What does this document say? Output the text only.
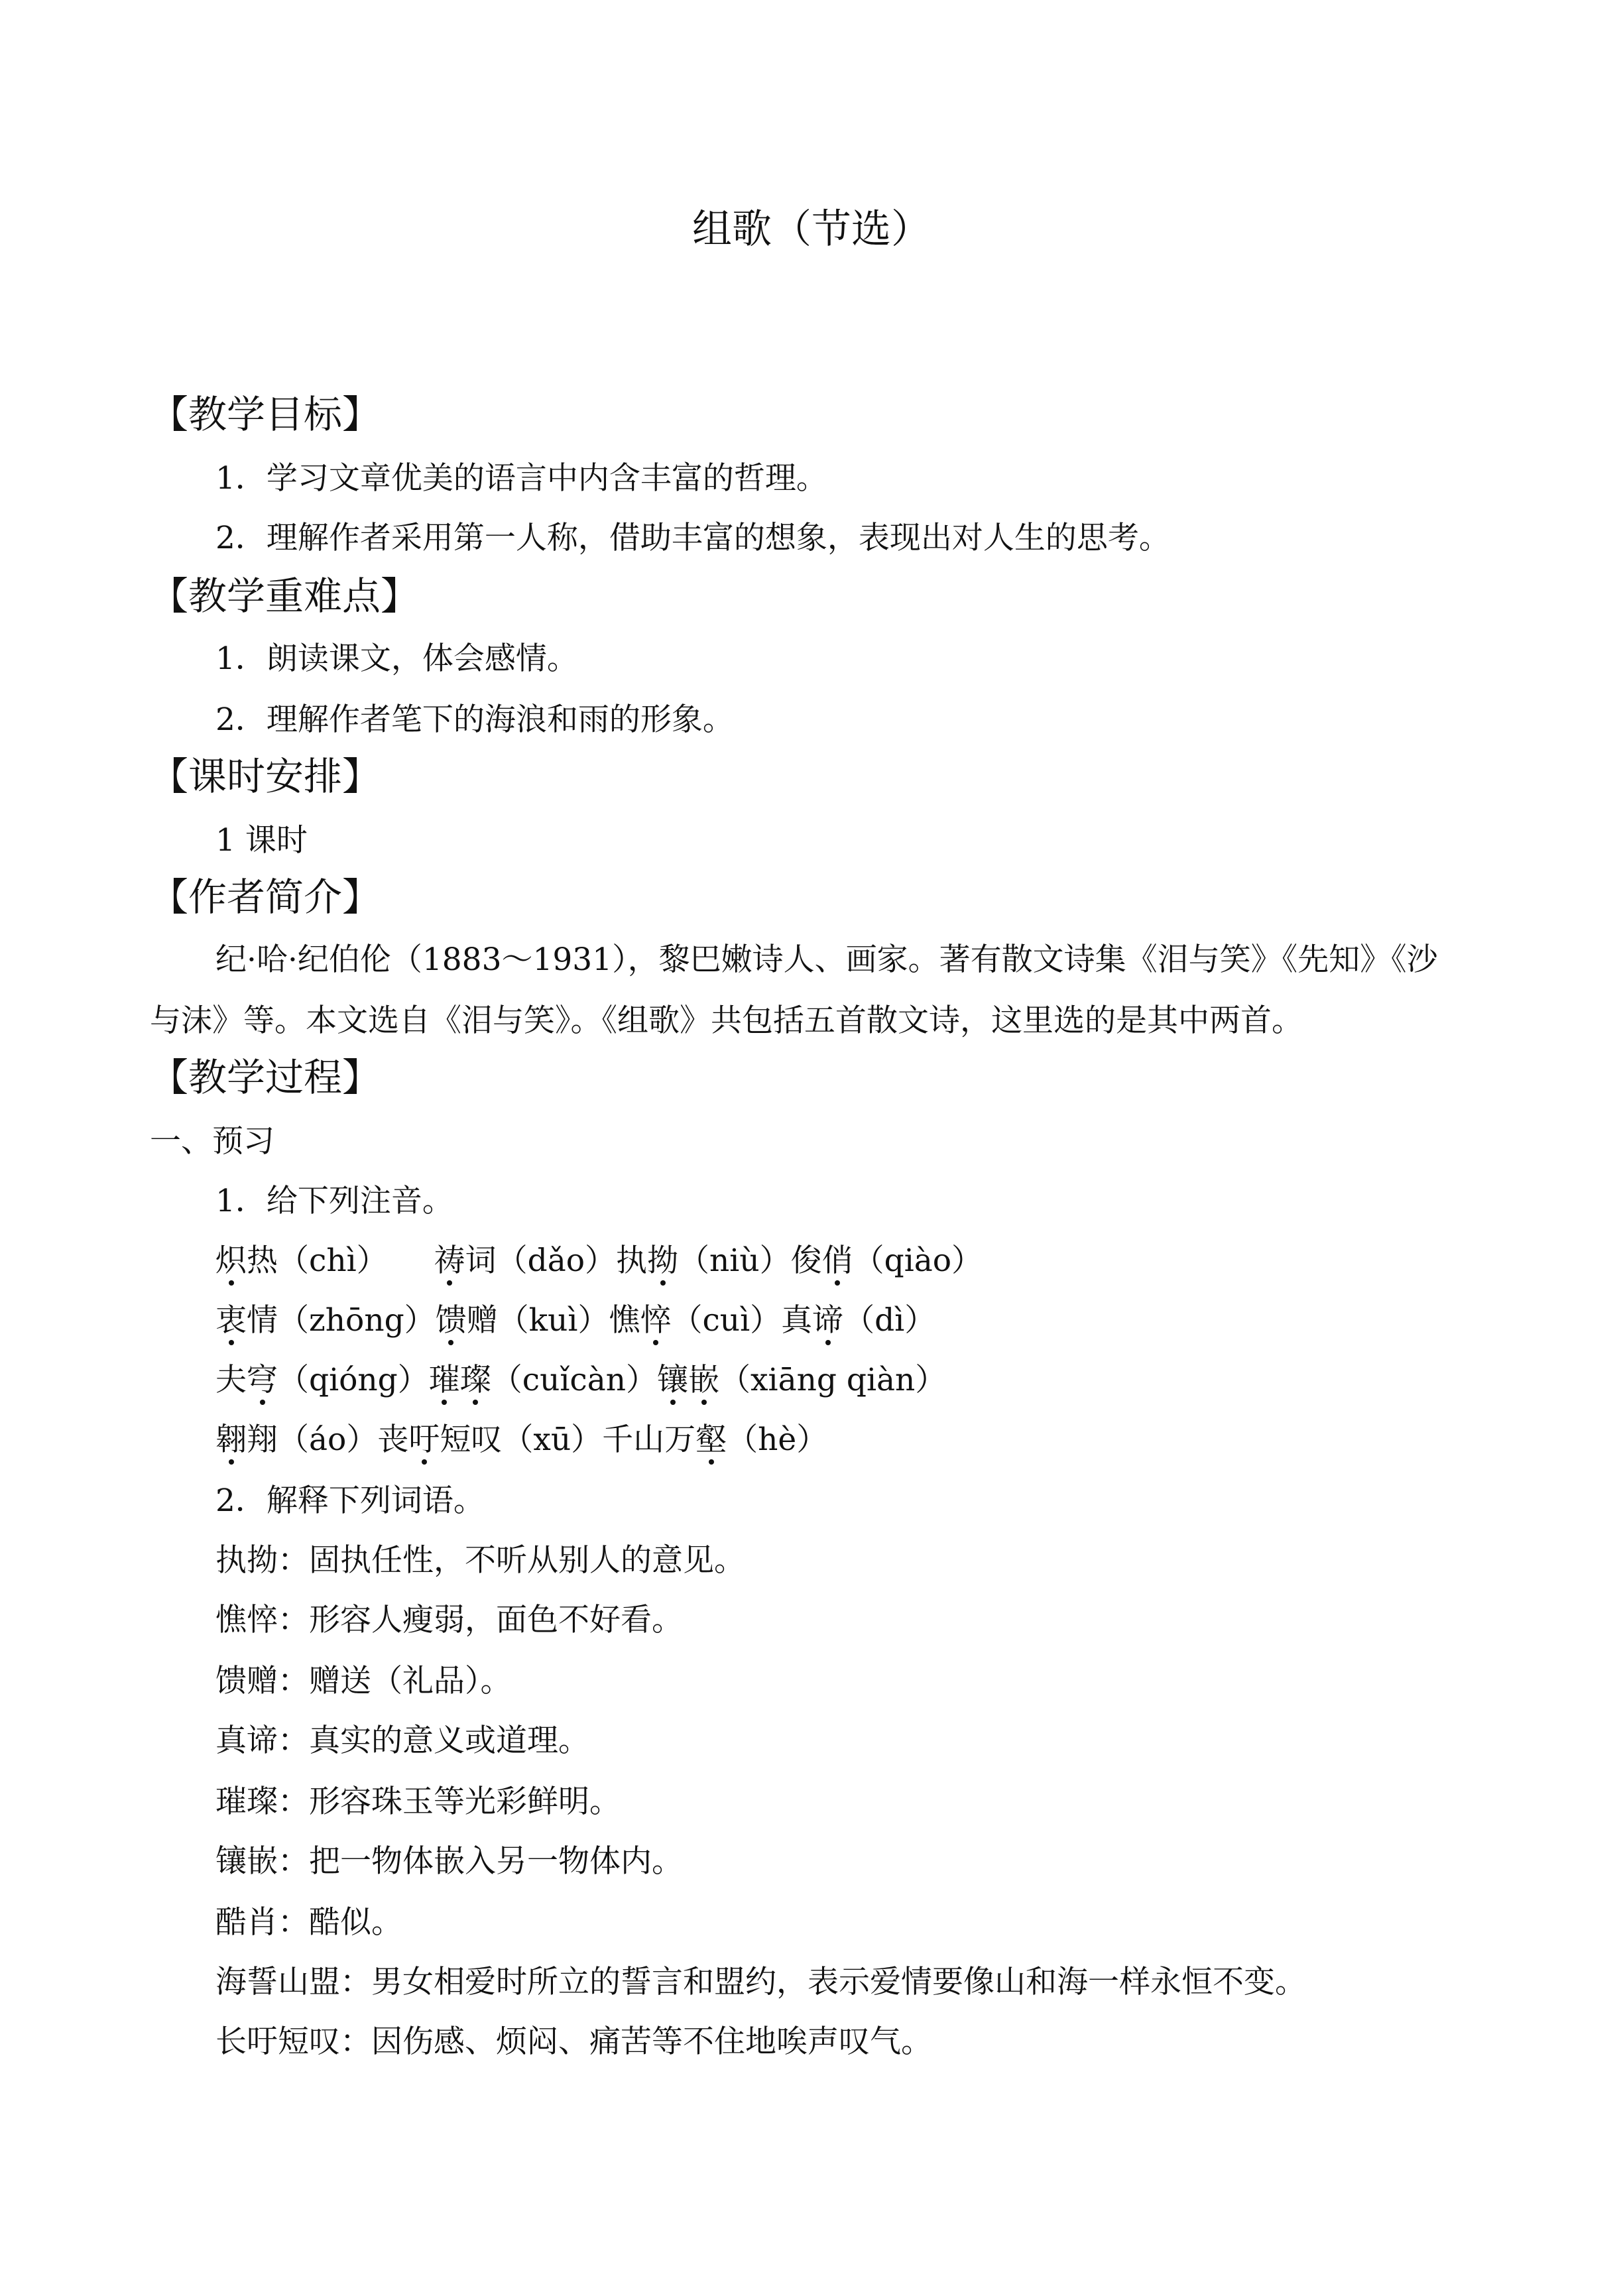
组歌（节选）
【教学目标】
1．学习文章优美的语言中内含丰富的哲理。
2．理解作者采用第一人称，借助丰富的想象，表现出对人生的思考。
【教学重难点】
1．朗读课文，体会感情。
2．理解作者笔下的海浪和雨的形象。
【课时安排】
1 课时
【作者简介】
纪·哈·纪伯伦（1883～1931），黎巴嫩诗人、画家。著有散文诗集《泪与笑》《先知》《沙
与沫》等。本文选自《泪与笑》。《组歌》共包括五首散文诗，这里选的是其中两首。
【教学过程】
一、预习
1．给下列注音。
炽热（chì） 祷词（dǎo）执拗（niù）俊俏（qiào）
衷情（zhōng）馈赠（kuì）憔悴（cuì）真谛（dì）
夫穹（qióng）璀璨（cuǐcàn）镶嵌（xiāng qiàn）
翱翔（áo）丧吁短叹（xū）千山万壑（hè）
2．解释下列词语。
执拗：固执任性，不听从别人的意见。
憔悴：形容人瘦弱，面色不好看。
馈赠：赠送（礼品）。
真谛：真实的意义或道理。
璀璨：形容珠玉等光彩鲜明。
镶嵌：把一物体嵌入另一物体内。
酷肖：酷似。
海誓山盟：男女相爱时所立的誓言和盟约，表示爱情要像山和海一样永恒不变。
长吁短叹：因伤感、烦闷、痛苦等不住地唉声叹气。
